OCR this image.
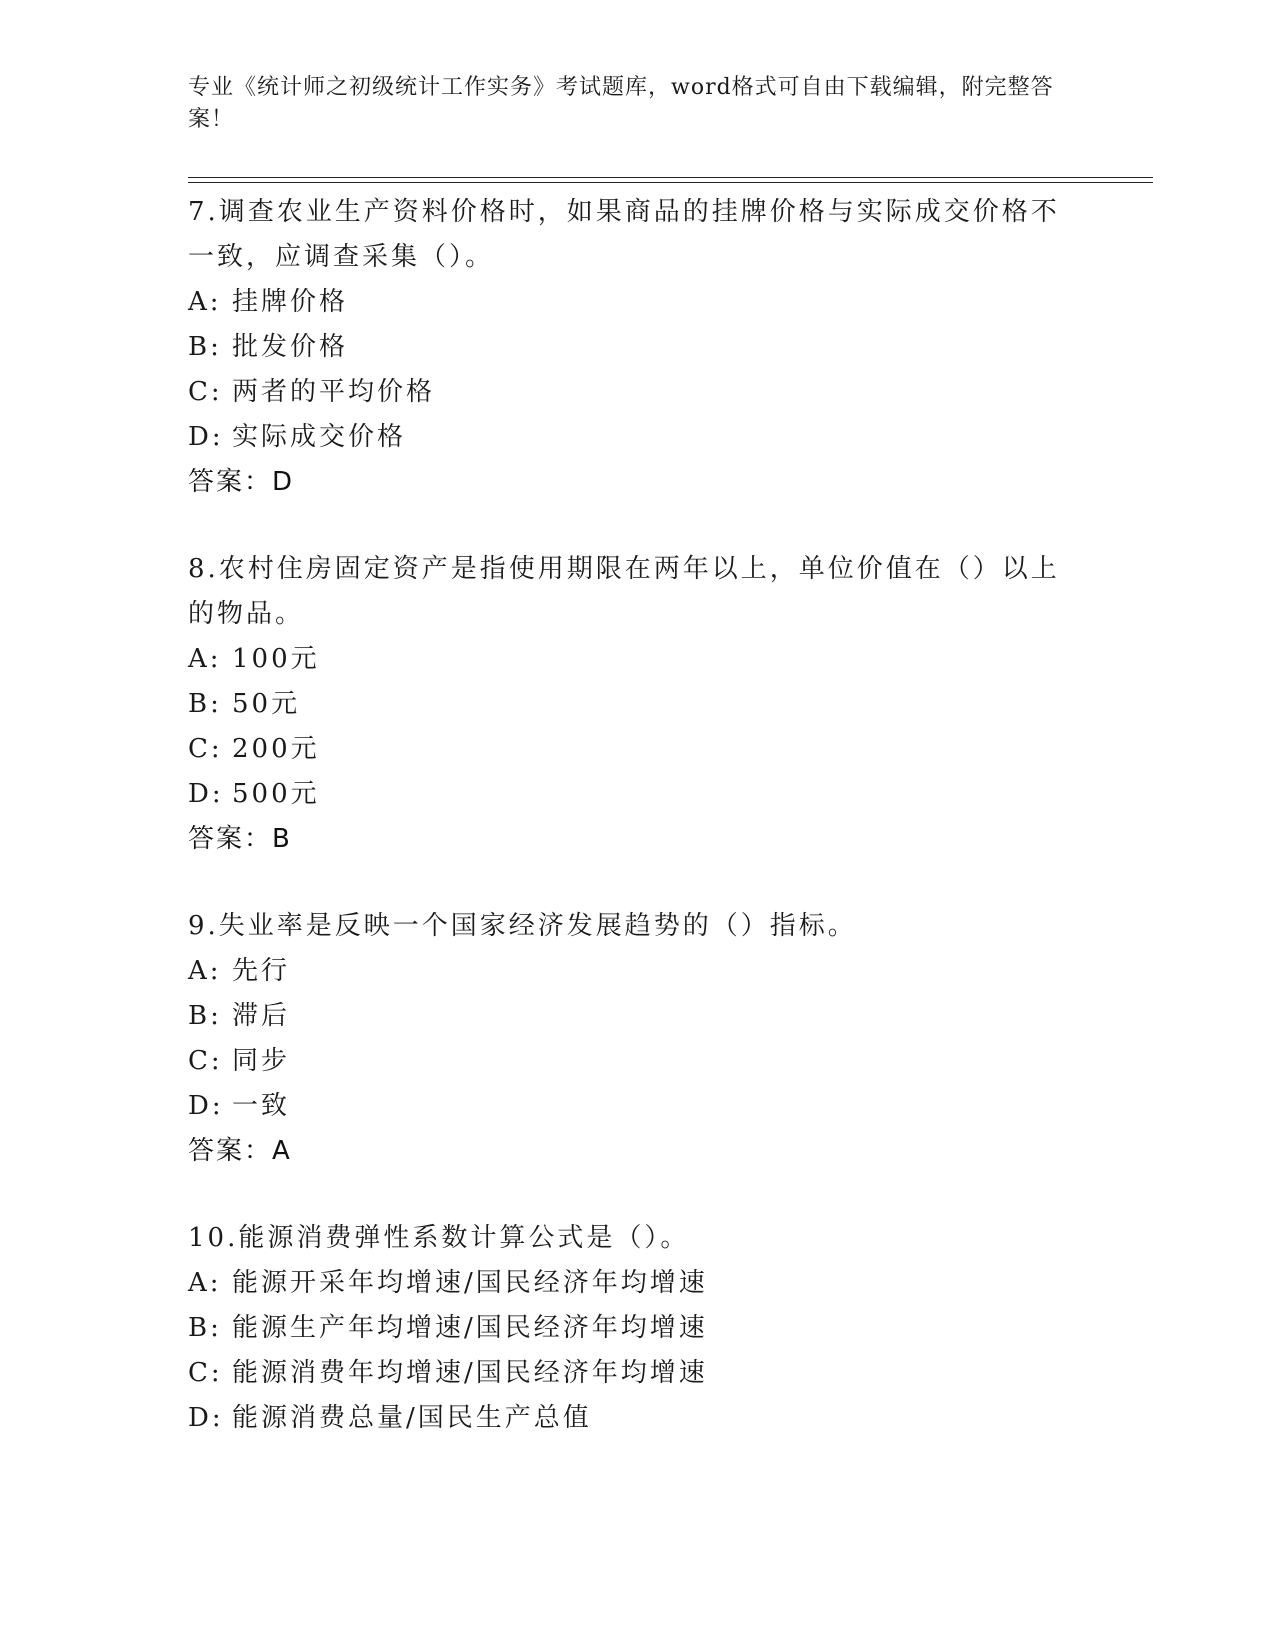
专业《统计师之初级统计工作实务》考试题库，word格式可自由下载编辑，附完整答案！
7.调查农业生产资料价格时，如果商品的挂牌价格与实际成交价格不一致，应调查采集（）。
A: 挂牌价格
B: 批发价格
C: 两者的平均价格
D: 实际成交价格
答案：D
8.农村住房固定资产是指使用期限在两年以上，单位价值在（）以上的物品。
A: 100元
B: 50元
C: 200元
D: 500元
答案：B
9.失业率是反映一个国家经济发展趋势的（）指标。
A: 先行
B: 滞后
C: 同步
D: 一致
答案：A
10.能源消费弹性系数计算公式是（）。
A: 能源开采年均增速/国民经济年均增速
B: 能源生产年均增速/国民经济年均增速
C: 能源消费年均增速/国民经济年均增速
D: 能源消费总量/国民生产总值
